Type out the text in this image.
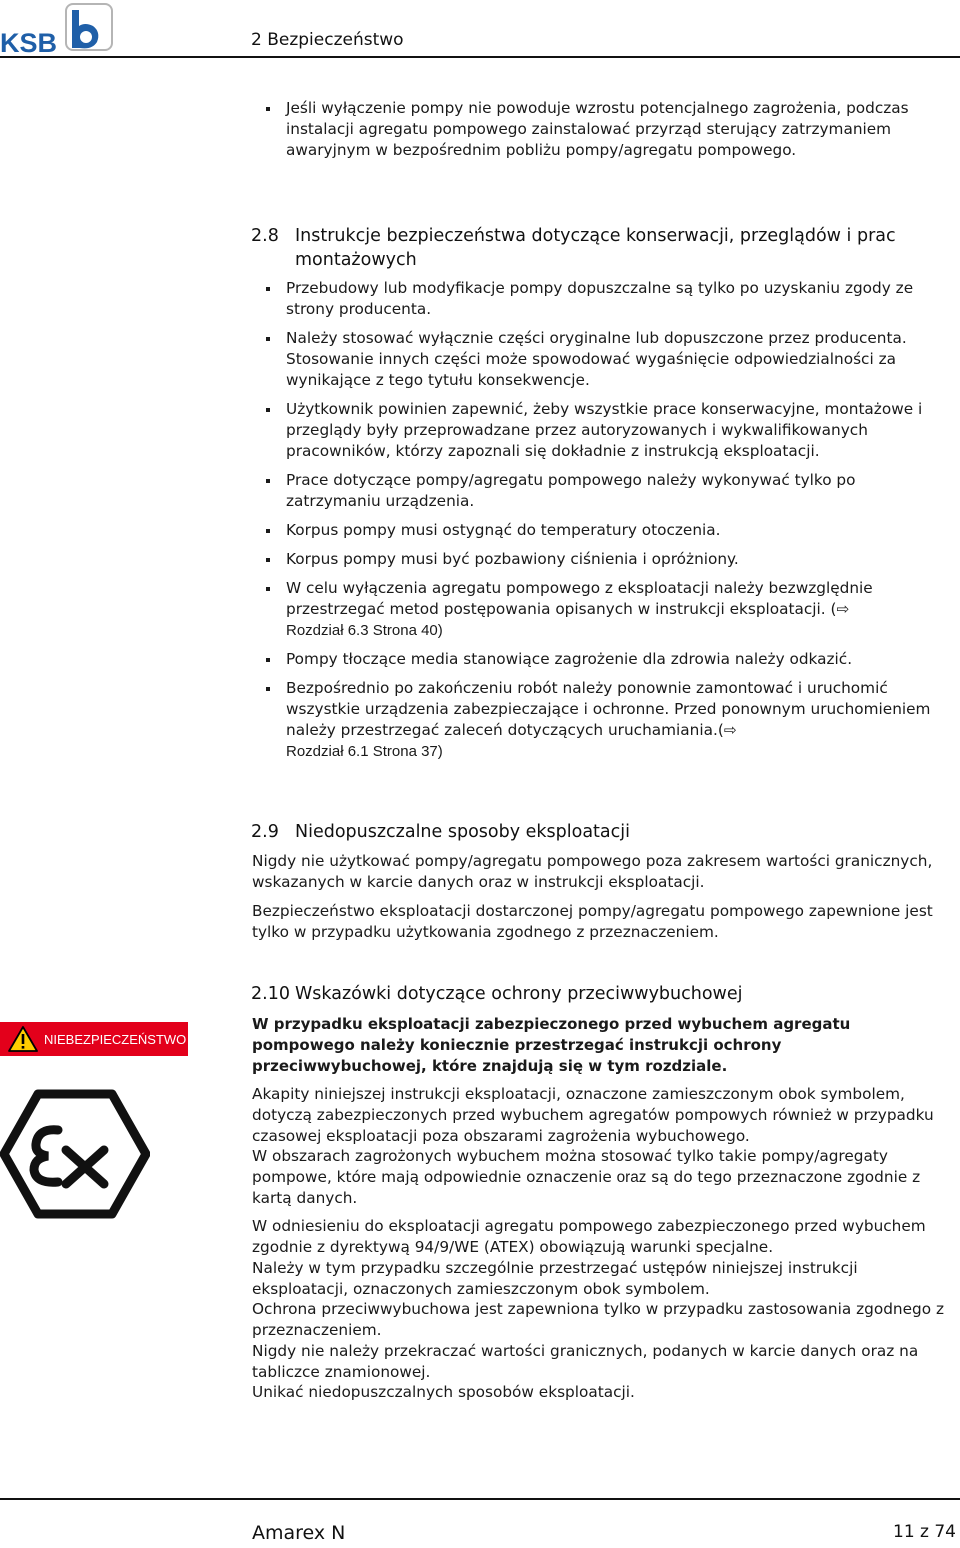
KSB	2 Bezpieczeństwo
Jeśli wyłączenie pompy nie powoduje wzrostu potencjalnego zagrożenia, podczas instalacji agregatu pompowego zainstalować przyrząd sterujący zatrzymaniem awaryjnym w bezpośrednim pobliżu pompy/agregatu pompowego.
2.8 Instrukcje bezpieczeństwa dotyczące konserwacji, przeglądów i prac
montażowych
Przebudowy lub modyfikacje pompy dopuszczalne są tylko po uzyskaniu zgody ze strony producenta.
Należy stosować wyłącznie części oryginalne lub dopuszczone przez producenta. Stosowanie innych części może spowodować wygaśnięcie odpowiedzialności za wynikające z tego tytułu konsekwencje.
Użytkownik powinien zapewnić, żeby wszystkie prace konserwacyjne, montażowe i przeglądy były przeprowadzane przez autoryzowanych i wykwalifikowanych pracowników, którzy zapoznali się dokładnie z instrukcją eksploatacji.
Prace dotyczące pompy/agregatu pompowego należy wykonywać tylko po zatrzymaniu urządzenia.
Korpus pompy musi ostygnąć do temperatury otoczenia.
Korpus pompy musi być pozbawiony ciśnienia i opróżniony.
W celu wyłączenia agregatu pompowego z eksploatacji należy bezwzględnie przestrzegać metod postępowania opisanych w instrukcji eksploatacji. (⇨
Rozdział 6.3 Strona 40)
Pompy tłoczące media stanowiące zagrożenie dla zdrowia należy odkazić.
Bezpośrednio po zakończeniu robót należy ponownie zamontować i uruchomić wszystkie urządzenia zabezpieczające i ochronne. Przed ponownym uruchomieniem należy przestrzegać zaleceń dotyczących uruchamiania.(⇨
Rozdział 6.1 Strona 37)
2.9 Niedopuszczalne sposoby eksploatacji

Nigdy nie użytkować pompy/agregatu pompowego poza zakresem wartości granicznych, wskazanych w karcie danych oraz w instrukcji eksploatacji.

Bezpieczeństwo eksploatacji dostarczonej pompy/agregatu pompowego zapewnione jest tylko w przypadku użytkowania zgodnego z przeznaczeniem.

2.10 Wskazówki dotyczące ochrony przeciwwybuchowej
NIEBEZPIECZEŃSTWO

W przypadku eksploatacji zabezpieczonego przed wybuchem agregatu pompowego należy koniecznie przestrzegać instrukcji ochrony przeciwwybuchowej, które znajdują się w tym rozdziale.

Akapity niniejszej instrukcji eksploatacji, oznaczone zamieszczonym obok symbolem, dotyczą zabezpieczonych przed wybuchem agregatów pompowych również w przypadku czasowej eksploatacji poza obszarami zagrożenia wybuchowego.

W obszarach zagrożonych wybuchem można stosować tylko takie pompy/agregaty pompowe, które mają odpowiednie oznaczenie oraz są do tego przeznaczone zgodnie z kartą danych.

W odniesieniu do eksploatacji agregatu pompowego zabezpieczonego przed wybuchem zgodnie z dyrektywą 94/9/WE (ATEX) obowiązują warunki specjalne.

Należy w tym przypadku szczególnie przestrzegać ustępów niniejszej instrukcji eksploatacji, oznaczonych zamieszczonym obok symbolem.

Ochrona przeciwwybuchowa jest zapewniona tylko w przypadku zastosowania zgodnego z przeznaczeniem.

Nigdy nie należy przekraczać wartości granicznych, podanych w karcie danych oraz na tabliczce znamionowej.

Unikać niedopuszczalnych sposobów eksploatacji.

Amarex N	11 z 74
